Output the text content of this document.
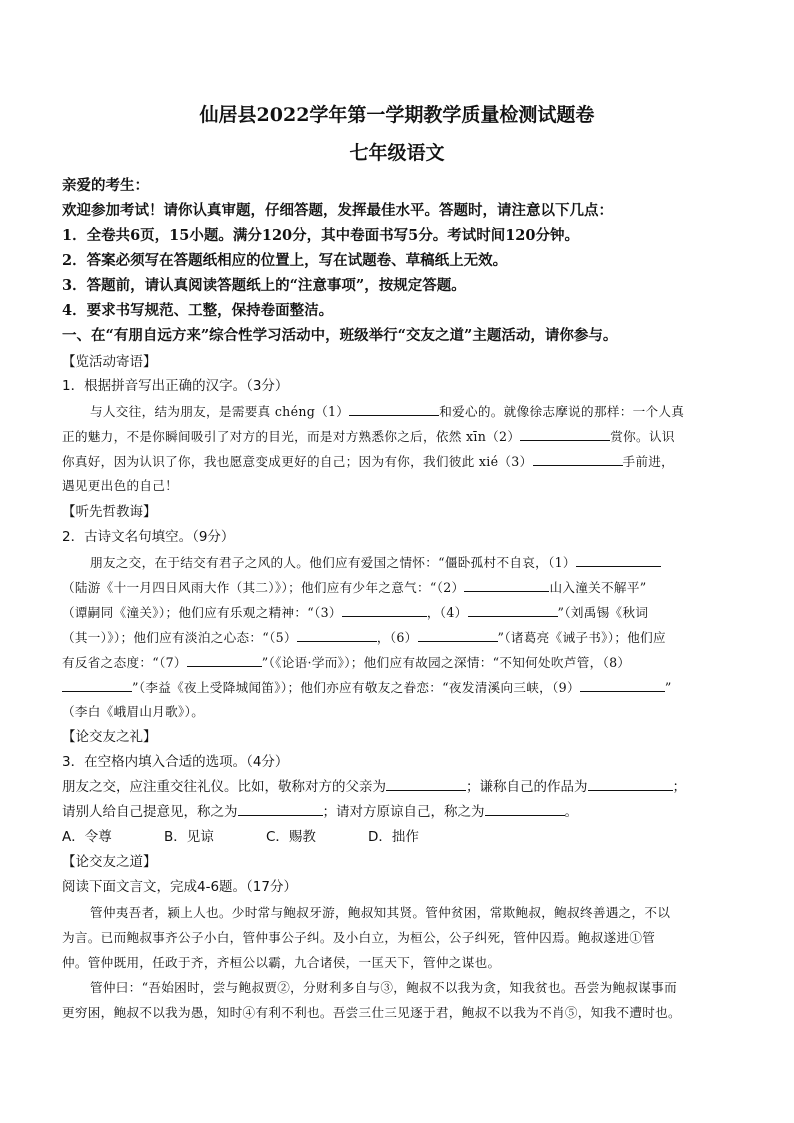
仙居县2022学年第一学期教学质量检测试题卷
七年级语文
亲爱的考生：
欢迎参加考试！请你认真审题，仔细答题，发挥最佳水平。答题时，请注意以下几点：
1．全卷共6页，15小题。满分120分，其中卷面书写5分。考试时间120分钟。
2．答案必须写在答题纸相应的位置上，写在试题卷、草稿纸上无效。
3．答题前，请认真阅读答题纸上的“注意事项”，按规定答题。
4．要求书写规范、工整，保持卷面整洁。
一、在“有朋自远方来”综合性学习活动中，班级举行“交友之道”主题活动，请你参与。
【览活动寄语】
1．根据拼音写出正确的汉字。（3分）
与人交往，结为朋友，是需要真 chéng（1）	和爱心的。就像徐志摩说的那样：一个人真
正的魅力，不是你瞬间吸引了对方的目光，而是对方熟悉你之后，依然 xīn（2）	赏你。认识
你真好，因为认识了你，我也愿意变成更好的自己；因为有你，我们彼此 xié（3）	手前进，
遇见更出色的自己！
【听先哲教诲】
2．古诗文名句填空。（9分）
朋友之交，在于结交有君子之风的人。他们应有爱国之情怀：“僵卧孤村不自哀，（1）
（陆游《十一月四日风雨大作（其二）》）；他们应有少年之意气：“（2）	山入潼关不解平”
（谭嗣同《潼关》）；他们应有乐观之精神：“（3）	，（4）	”（刘禹锡《秋词
（其一）》）；他们应有淡泊之心态：“（5）	，（6）	”（诸葛亮《诫子书》）；他们应
有反省之态度：“（7）	”（《论语·学而》）；他们应有故园之深情：“不知何处吹芦管，（8）
”（李益《夜上受降城闻笛》）；他们亦应有敬友之眷恋：“夜发清溪向三峡，（9）	”
（李白《峨眉山月歌》）。
【论交友之礼】
3．在空格内填入合适的选项。（4分）
朋友之交，应注重交往礼仪。比如，敬称对方的父亲为	；谦称自己的作品为	；
请别人给自己提意见，称之为	；请对方原谅自己，称之为	。
A．令尊	B．见谅	C．赐教	D．拙作
【论交友之道】
阅读下面文言文，完成4-6题。（17分）
管仲夷吾者，颍上人也。少时常与鲍叔牙游，鲍叔知其贤。管仲贫困，常欺鲍叔，鲍叔终善遇之，不以
为言。已而鲍叔事齐公子小白，管仲事公子纠。及小白立，为桓公，公子纠死，管仲囚焉。鲍叔遂进①管
仲。管仲既用，任政于齐，齐桓公以霸，九合诸侯，一匡天下，管仲之谋也。
管仲曰：“吾始困时，尝与鲍叔贾②，分财利多自与③，鲍叔不以我为贪，知我贫也。吾尝为鲍叔谋事而
更穷困，鲍叔不以我为愚，知时④有利不利也。吾尝三仕三见逐于君，鲍叔不以我为不肖⑤，知我不遭时也。
